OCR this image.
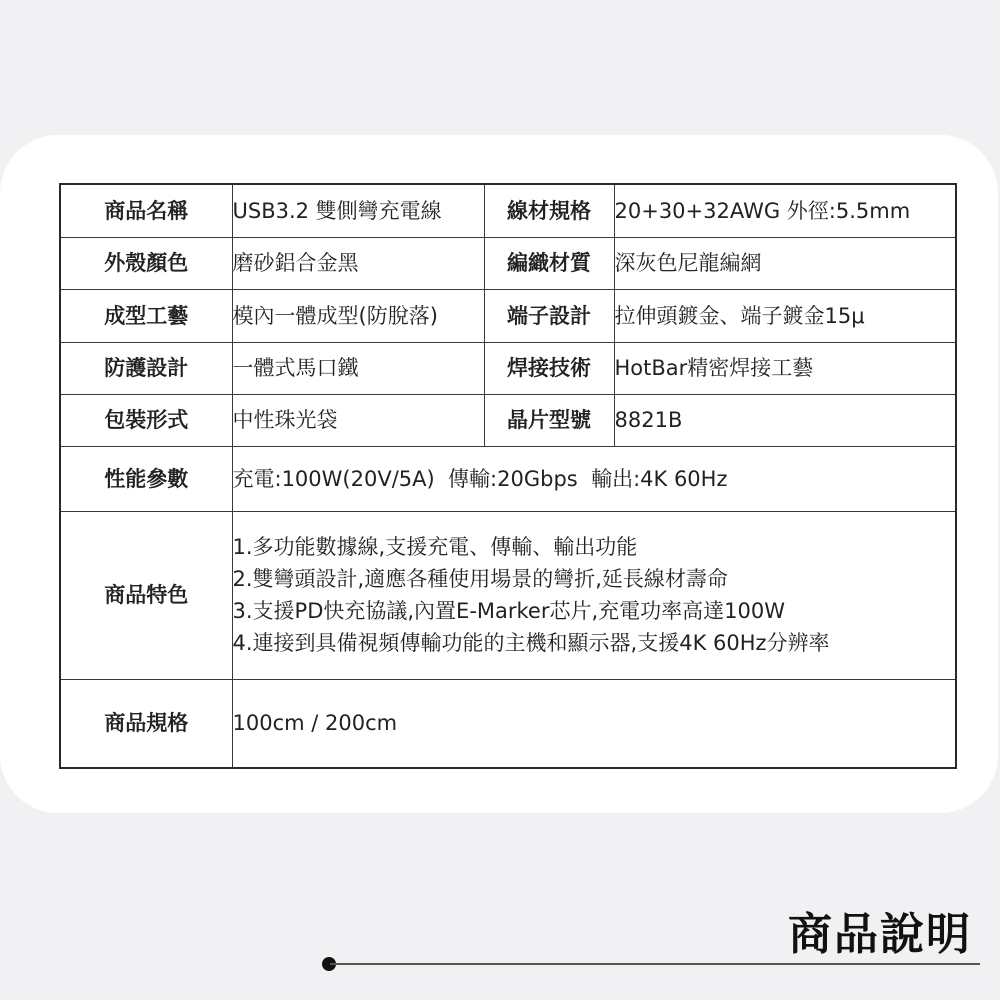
商品名稱	USB3.2 雙側彎充電線	線材規格	20+30+32AWG 外徑:5.5mm
外殼顏色	磨砂鋁合金黑	編織材質	深灰色尼龍編網
成型工藝	模內一體成型(防脫落)	端子設計	拉伸頭鍍金、端子鍍金15μ
防護設計	一體式馬口鐵	焊接技術	HotBar精密焊接工藝
包裝形式	中性珠光袋	晶片型號	8821B
性能參數	充電:100W(20V/5A)  傳輸:20Gbps  輸出:4K 60Hz		
商品特色	1.多功能數據線,支援充電、傳輸、輸出功能
2.雙彎頭設計,適應各種使用場景的彎折,延長線材壽命
3.支援PD快充協議,內置E-Marker芯片,充電功率高達100W
4.連接到具備視頻傳輸功能的主機和顯示器,支援4K 60Hz分辨率		

商品規格	100cm / 200cm		
商品說明
